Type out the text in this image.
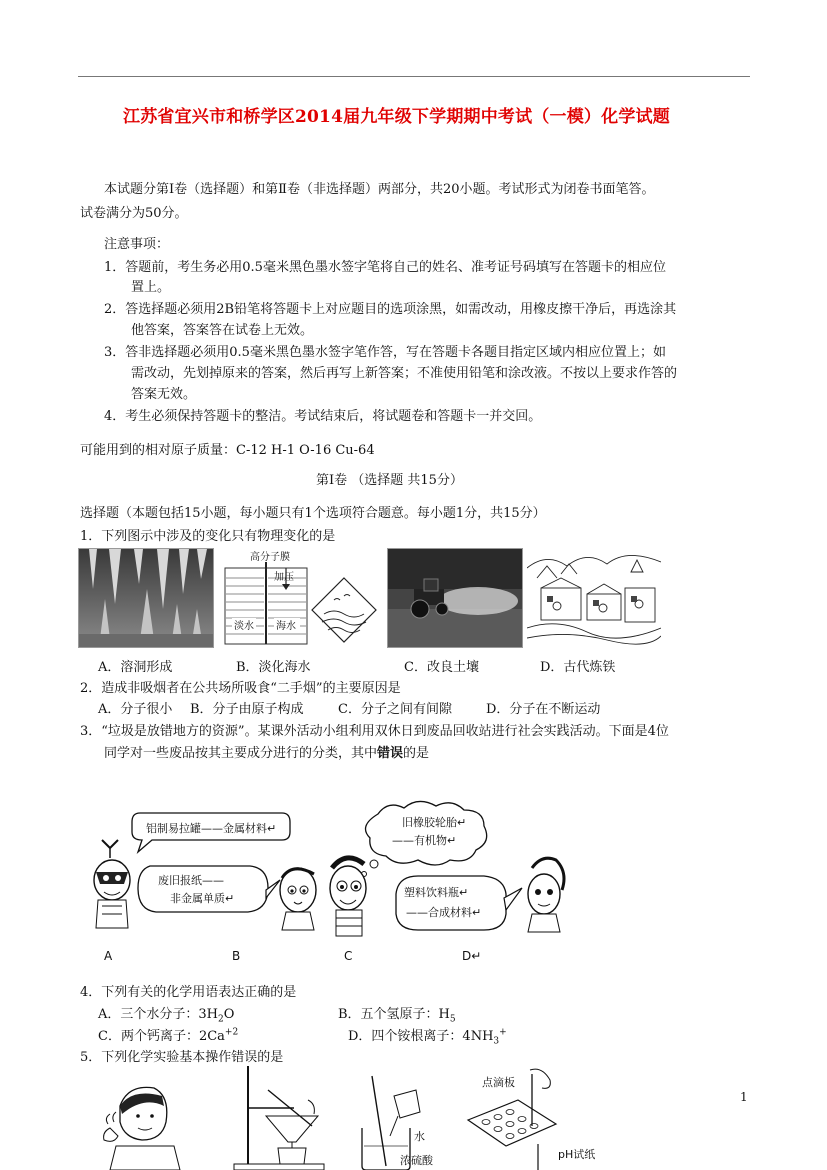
江苏省宜兴市和桥学区2014届九年级下学期期中考试（一模）化学试题
本试题分第Ⅰ卷（选择题）和第Ⅱ卷（非选择题）两部分，共20小题。考试形式为闭卷书面笔答。
试卷满分为50分。
注意事项：
1．答题前，考生务必用0.5毫米黑色墨水签字笔将自己的姓名、准考证号码填写在答题卡的相应位
置上。
2．答选择题必须用2B铅笔将答题卡上对应题目的选项涂黑，如需改动，用橡皮擦干净后，再选涂其
他答案，答案答在试卷上无效。
3．答非选择题必须用0.5毫米黑色墨水签字笔作答，写在答题卡各题目指定区域内相应位置上；如
需改动，先划掉原来的答案，然后再写上新答案；不准使用铅笔和涂改液。不按以上要求作答的
答案无效。
4．考生必须保持答题卡的整洁。考试结束后，将试题卷和答题卡一并交回。
可能用到的相对原子质量：C-12 H-1 O-16 Cu-64
第Ⅰ卷 （选择题 共15分）
选择题（本题包括15小题，每小题只有1个选项符合题意。每小题1分，共15分）
1．下列图示中涉及的变化只有物理变化的是
高分子膜
加压
淡水 海水
A．溶洞形成	B．淡化海水	C．改良土壤	D．古代炼铁
2．造成非吸烟者在公共场所吸食“二手烟”的主要原因是
A．分子很小 B．分子由原子构成	C．分子之间有间隙	D．分子在不断运动
3．“垃圾是放错地方的资源”。某课外活动小组利用双休日到废品回收站进行社会实践活动。下面是4位
同学对一些废品按其主要成分进行的分类，其中错误的是
铝制易拉罐——金属材料↵
废旧报纸——
非金属单质↵
旧橡胶轮胎↵
——有机物↵
塑料饮料瓶↵
——合成材料↵
A	B	C	D↵
4．下列有关的化学用语表达正确的是
A．三个水分子：$3H_2O$	B．五个氢原子：$H_5$
C．两个钙离子：$2Ca^{+2}$	D．四个铵根离子：$4NH_3^+$
5．下列化学实验基本操作错误的是
水
浓硫酸
点滴板
pH试纸
1
